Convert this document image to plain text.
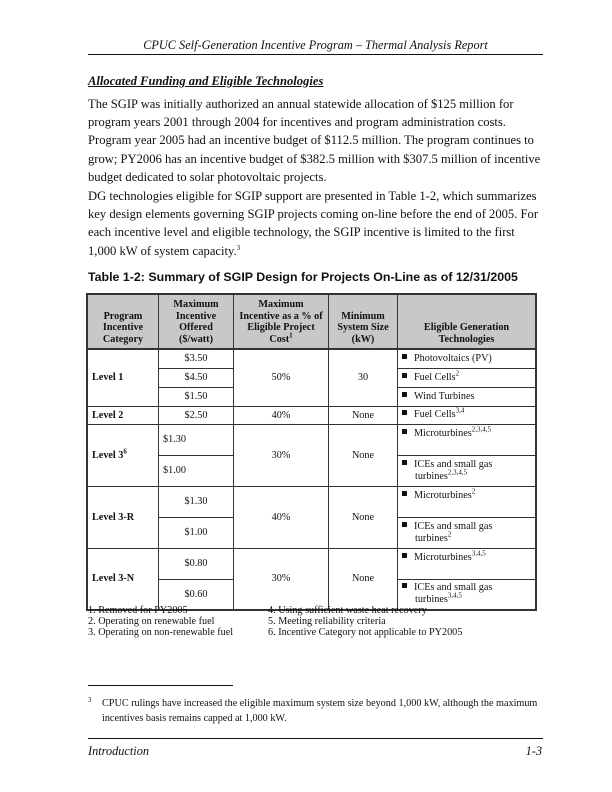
CPUC Self-Generation Incentive Program – Thermal Analysis Report
Allocated Funding and Eligible Technologies

The SGIP was initially authorized an annual statewide allocation of $125 million for program years 2001 through 2004 for incentives and program administration costs. Program year 2005 had an incentive budget of $112.5 million. The program continues to grow; PY2006 has an incentive budget of $382.5 million with $307.5 million of incentive budget dedicated to solar photovoltaic projects.

DG technologies eligible for SGIP support are presented in Table 1-2, which summarizes key design elements governing SGIP projects coming on-line before the end of 2005. For each incentive level and eligible technology, the SGIP incentive is limited to the first 1,000 kW of system capacity.$^3$

Table 1-2: Summary of SGIP Design for Projects On-Line as of 12/31/2005
Program
Incentive
Category	Maximum
Incentive
Offered
($/watt)	Maximum
Incentive as a % of
Eligible Project
Cost$^1$	Minimum
System Size
(kW)	Eligible Generation
Technologies
Level 1	$3.50	50%	30	Photovoltaics (PV)
	$4.50			Fuel Cells$^2$
	$1.50			Wind Turbines
Level 2	$2.50	40%	None	Fuel Cells$^{3,4}$
Level $3^6$	$1.30	30%	None	Microturbines$^{2,3,4,5}$
	$1.00			ICEs and small gas
turbines$^{2,3,4,5}$

Level 3-R	$1.30	40%	None	Microturbines$^2$
	$1.00			ICEs and small gas
turbines$^2$

Level 3-N	$0.80	30%	None	Microturbines$^{3,4,5}$
	$0.60			ICEs and small gas
turbines$^{3,4,5}$
1. Removed for PY2005
2. Operating on renewable fuel
3. Operating on non-renewable fuel
4. Using sufficient waste heat recovery
5. Meeting reliability criteria
6. Incentive Category not applicable to PY2005
3 CPUC rulings have increased the eligible maximum system size beyond 1,000 kW, although the maximum incentives basis remains capped at 1,000 kW.
Introduction	1-3
